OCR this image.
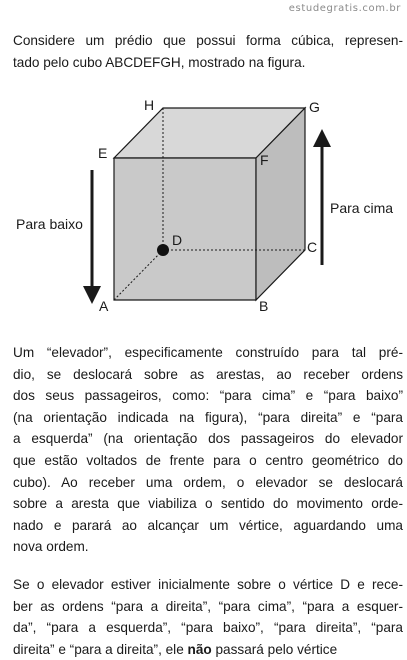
estudegratis.com.br
Considere um prédio que possui forma cúbica, represen-
tado pelo cubo ABCDEFGH, mostrado na figura.
H	G
E	F
D	C
A	B
Para baixo
Para cima
Um “elevador”, especificamente construído para tal pré-
dio, se deslocará sobre as arestas, ao receber ordens
dos seus passageiros, como: “para cima” e “para baixo”
(na orientação indicada na figura), “para direita” e “para
a esquerda” (na orientação dos passageiros do elevador
que estão voltados de frente para o centro geométrico do
cubo). Ao receber uma ordem, o elevador se deslocará
sobre a aresta que viabiliza o sentido do movimento orde-
nado e parará ao alcançar um vértice, aguardando uma
nova ordem.
Se o elevador estiver inicialmente sobre o vértice D e rece-
ber as ordens “para a direita”, “para cima”, “para a esquer-
da”, “para a esquerda”, “para baixo”, “para direita”, “para
direita” e “para a direita”, ele não passará pelo vértice
